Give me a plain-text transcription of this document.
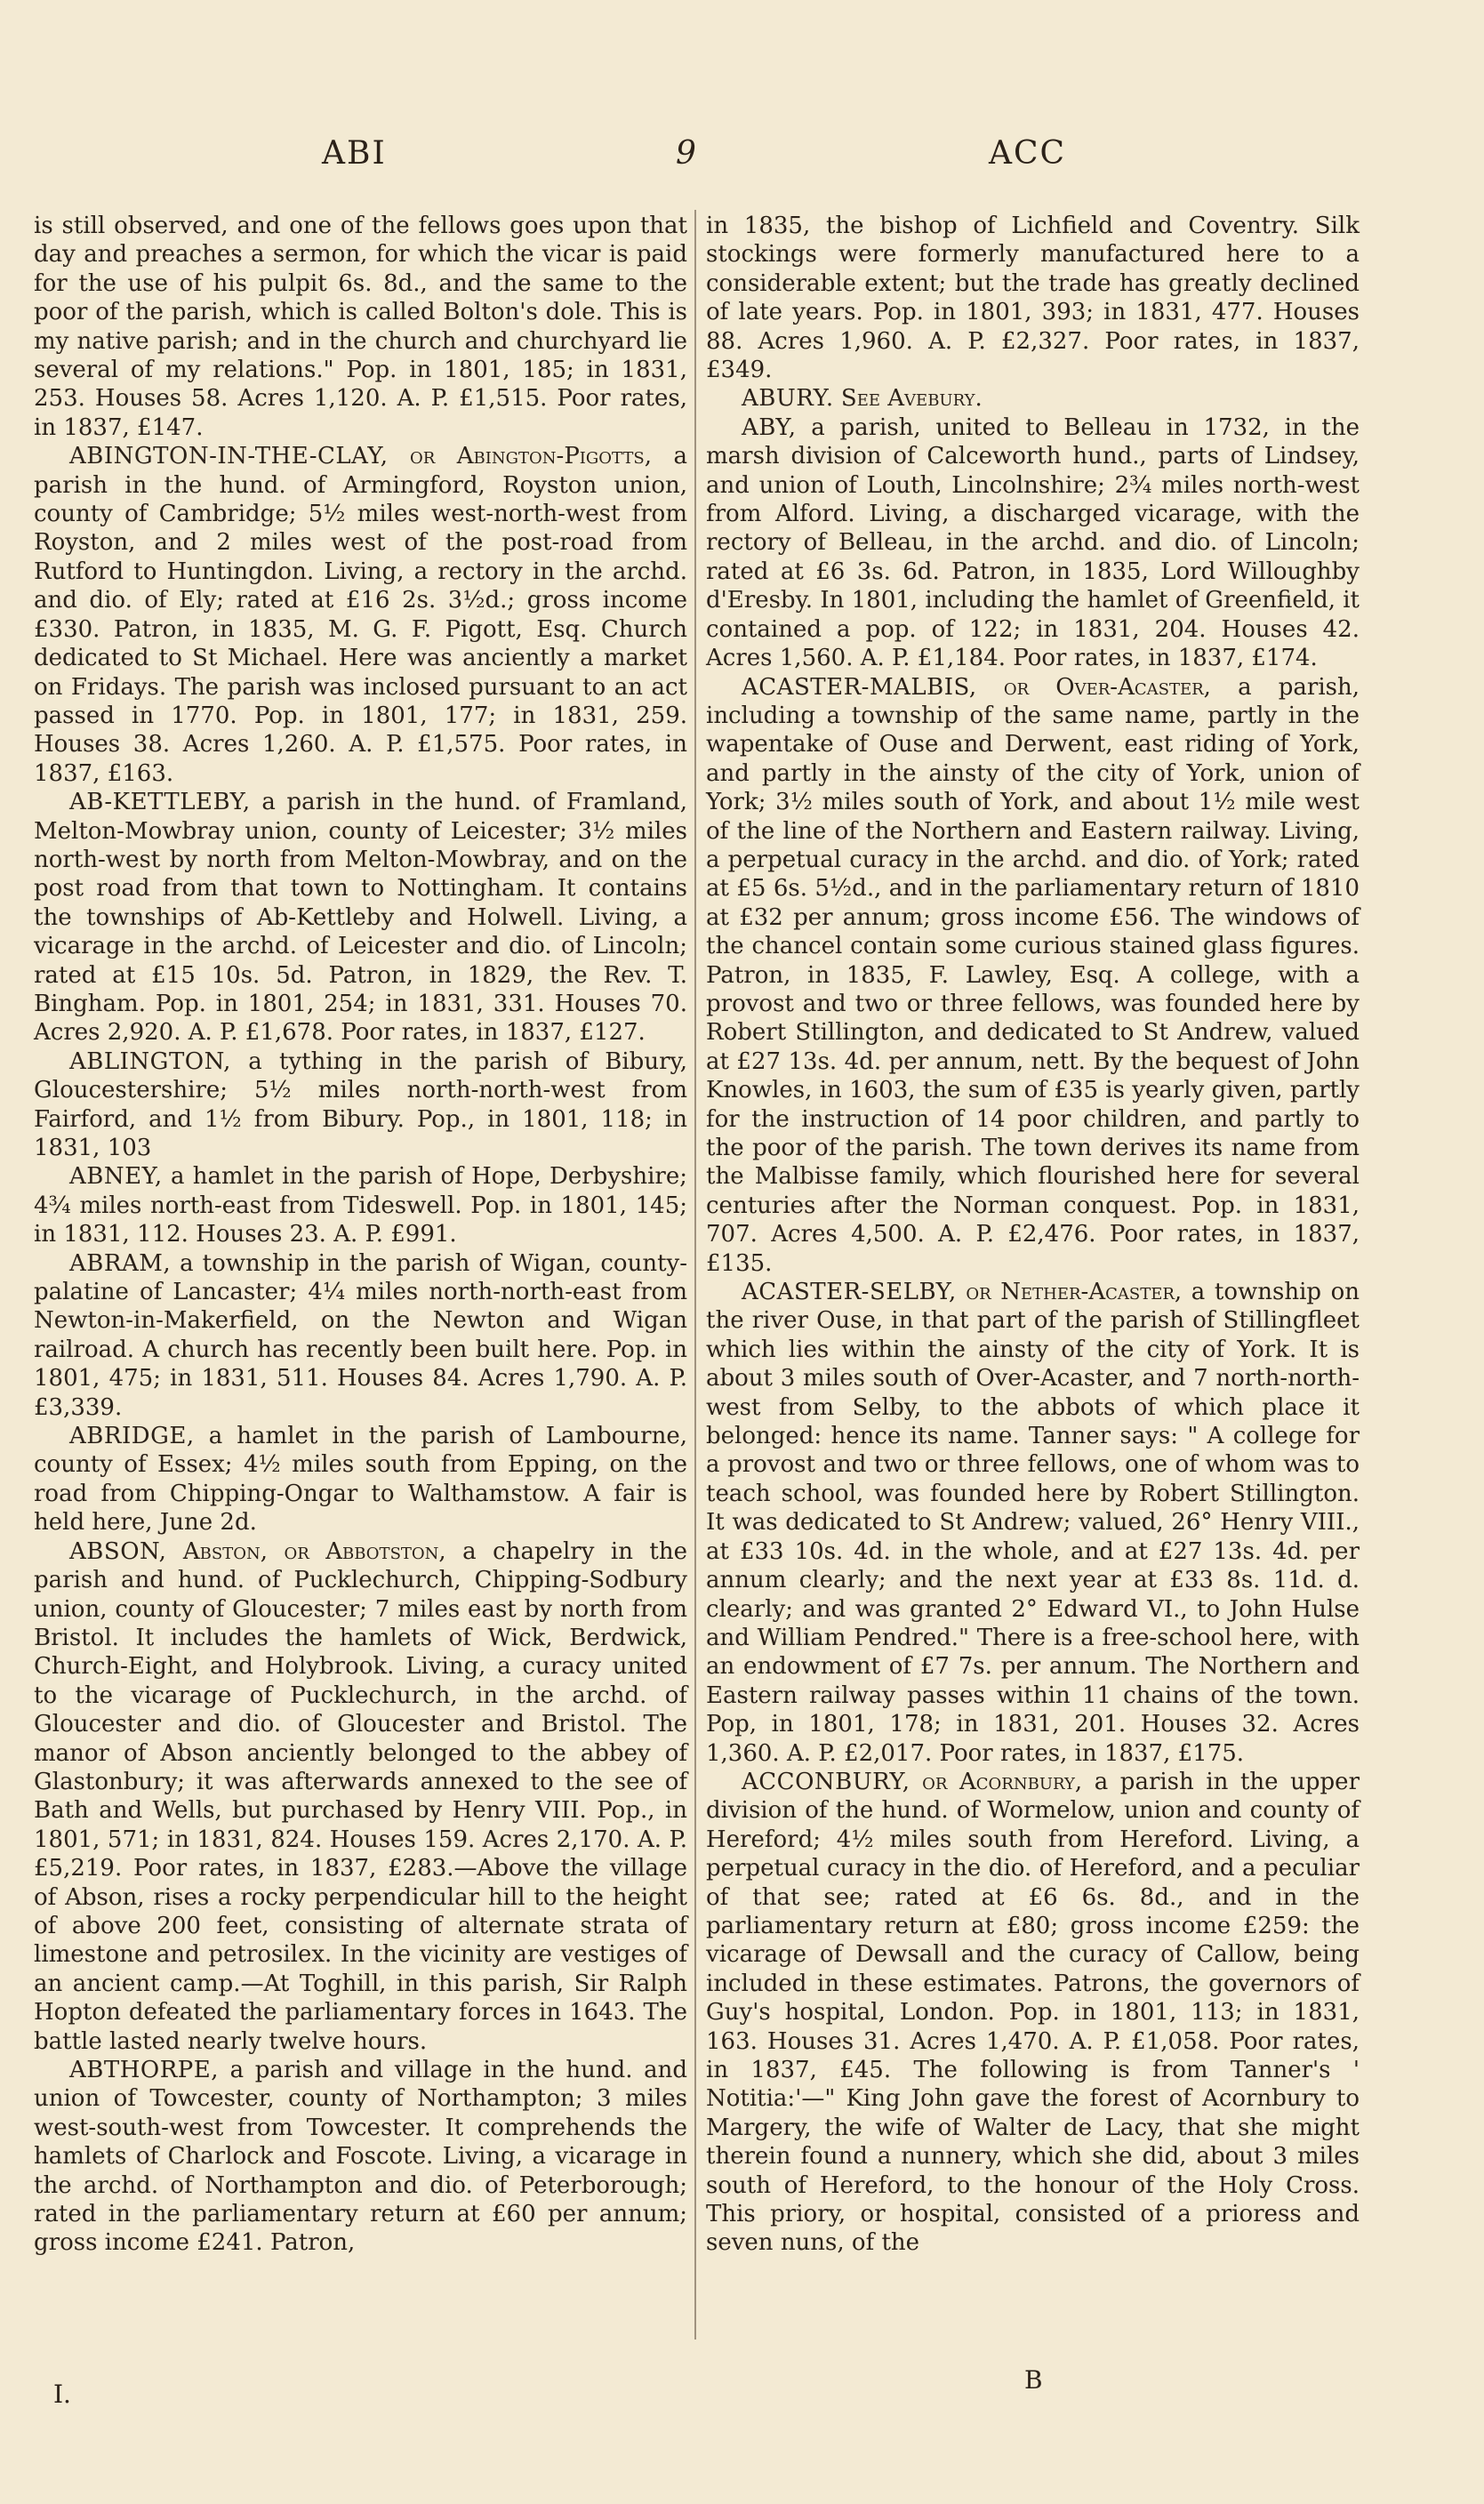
ABI	9	ACC

is still observed, and one of the fellows goes upon that day and preaches a sermon, for which the vicar is paid for the use of his pulpit 6s. 8d., and the same to the poor of the parish, which is called Bolton's dole. This is my native parish; and in the church and churchyard lie several of my relations." Pop. in 1801, 185; in 1831, 253. Houses 58. Acres 1,120. A. P. £1,515. Poor rates, in 1837, £147.

ABINGTON-IN-THE-CLAY, or Abington-Pigotts, a parish in the hund. of Armingford, Royston union, county of Cambridge; 5½ miles west-north-west from Royston, and 2 miles west of the post-road from Rutford to Huntingdon. Living, a rectory in the archd. and dio. of Ely; rated at £16 2s. 3½d.; gross income £330. Patron, in 1835, M. G. F. Pigott, Esq. Church dedicated to St Michael. Here was anciently a market on Fridays. The parish was inclosed pursuant to an act passed in 1770. Pop. in 1801, 177; in 1831, 259. Houses 38. Acres 1,260. A. P. £1,575. Poor rates, in 1837, £163.

AB-KETTLEBY, a parish in the hund. of Framland, Melton-Mowbray union, county of Leicester; 3½ miles north-west by north from Melton-Mowbray, and on the post road from that town to Nottingham. It contains the townships of Ab-Kettleby and Holwell. Living, a vicarage in the archd. of Leicester and dio. of Lincoln; rated at £15 10s. 5d. Patron, in 1829, the Rev. T. Bingham. Pop. in 1801, 254; in 1831, 331. Houses 70. Acres 2,920. A. P. £1,678. Poor rates, in 1837, £127.

ABLINGTON, a tything in the parish of Bibury, Gloucestershire; 5½ miles north-north-west from Fairford, and 1½ from Bibury. Pop., in 1801, 118; in 1831, 103

ABNEY, a hamlet in the parish of Hope, Derbyshire; 4¾ miles north-east from Tideswell. Pop. in 1801, 145; in 1831, 112. Houses 23. A. P. £991.

ABRAM, a township in the parish of Wigan, county-palatine of Lancaster; 4¼ miles north-north-east from Newton-in-Makerfield, on the Newton and Wigan railroad. A church has recently been built here. Pop. in 1801, 475; in 1831, 511. Houses 84. Acres 1,790. A. P. £3,339.

ABRIDGE, a hamlet in the parish of Lambourne, county of Essex; 4½ miles south from Epping, on the road from Chipping-Ongar to Walthamstow. A fair is held here, June 2d.

ABSON, Abston, or Abbotston, a chapelry in the parish and hund. of Pucklechurch, Chipping-Sodbury union, county of Gloucester; 7 miles east by north from Bristol. It includes the hamlets of Wick, Berdwick, Church-Eight, and Holybrook. Living, a curacy united to the vicarage of Pucklechurch, in the archd. of Gloucester and dio. of Gloucester and Bristol. The manor of Abson anciently belonged to the abbey of Glastonbury; it was afterwards annexed to the see of Bath and Wells, but purchased by Henry VIII. Pop., in 1801, 571; in 1831, 824. Houses 159. Acres 2,170. A. P. £5,219. Poor rates, in 1837, £283.—Above the village of Abson, rises a rocky perpendicular hill to the height of above 200 feet, consisting of alternate strata of limestone and petrosilex. In the vicinity are vestiges of an ancient camp.—At Toghill, in this parish, Sir Ralph Hopton defeated the parliamentary forces in 1643. The battle lasted nearly twelve hours.

ABTHORPE, a parish and village in the hund. and union of Towcester, county of Northampton; 3 miles west-south-west from Towcester. It comprehends the hamlets of Charlock and Foscote. Living, a vicarage in the archd. of Northampton and dio. of Peterborough; rated in the parliamentary return at £60 per annum; gross income £241. Patron,

in 1835, the bishop of Lichfield and Coventry. Silk stockings were formerly manufactured here to a considerable extent; but the trade has greatly declined of late years. Pop. in 1801, 393; in 1831, 477. Houses 88. Acres 1,960. A. P. £2,327. Poor rates, in 1837, £349.

ABURY. See Avebury.

ABY, a parish, united to Belleau in 1732, in the marsh division of Calceworth hund., parts of Lindsey, and union of Louth, Lincolnshire; 2¾ miles north-west from Alford. Living, a discharged vicarage, with the rectory of Belleau, in the archd. and dio. of Lincoln; rated at £6 3s. 6d. Patron, in 1835, Lord Willoughby d'Eresby. In 1801, including the hamlet of Greenfield, it contained a pop. of 122; in 1831, 204. Houses 42. Acres 1,560. A. P. £1,184. Poor rates, in 1837, £174.

ACASTER-MALBIS, or Over-Acaster, a parish, including a township of the same name, partly in the wapentake of Ouse and Derwent, east riding of York, and partly in the ainsty of the city of York, union of York; 3½ miles south of York, and about 1½ mile west of the line of the Northern and Eastern railway. Living, a perpetual curacy in the archd. and dio. of York; rated at £5 6s. 5½d., and in the parliamentary return of 1810 at £32 per annum; gross income £56. The windows of the chancel contain some curious stained glass figures. Patron, in 1835, F. Lawley, Esq. A college, with a provost and two or three fellows, was founded here by Robert Stillington, and dedicated to St Andrew, valued at £27 13s. 4d. per annum, nett. By the bequest of John Knowles, in 1603, the sum of £35 is yearly given, partly for the instruction of 14 poor children, and partly to the poor of the parish. The town derives its name from the Malbisse family, which flourished here for several centuries after the Norman conquest. Pop. in 1831, 707. Acres 4,500. A. P. £2,476. Poor rates, in 1837, £135.

ACASTER-SELBY, or Nether-Acaster, a township on the river Ouse, in that part of the parish of Stillingfleet which lies within the ainsty of the city of York. It is about 3 miles south of Over-Acaster, and 7 north-north-west from Selby, to the abbots of which place it belonged: hence its name. Tanner says: " A college for a provost and two or three fellows, one of whom was to teach school, was founded here by Robert Stillington. It was dedicated to St Andrew; valued, 26° Henry VIII., at £33 10s. 4d. in the whole, and at £27 13s. 4d. per annum clearly; and the next year at £33 8s. 11d. d. clearly; and was granted 2° Edward VI., to John Hulse and William Pendred." There is a free-school here, with an endowment of £7 7s. per annum. The Northern and Eastern railway passes within 11 chains of the town. Pop, in 1801, 178; in 1831, 201. Houses 32. Acres 1,360. A. P. £2,017. Poor rates, in 1837, £175.

ACCONBURY, or Acornbury, a parish in the upper division of the hund. of Wormelow, union and county of Hereford; 4½ miles south from Hereford. Living, a perpetual curacy in the dio. of Hereford, and a peculiar of that see; rated at £6 6s. 8d., and in the parliamentary return at £80; gross income £259: the vicarage of Dewsall and the curacy of Callow, being included in these estimates. Patrons, the governors of Guy's hospital, London. Pop. in 1801, 113; in 1831, 163. Houses 31. Acres 1,470. A. P. £1,058. Poor rates, in 1837, £45. The following is from Tanner's ' Notitia:'—" King John gave the forest of Acornbury to Margery, the wife of Walter de Lacy, that she might therein found a nunnery, which she did, about 3 miles south of Hereford, to the honour of the Holy Cross. This priory, or hospital, consisted of a prioress and seven nuns, of the

I.	B
